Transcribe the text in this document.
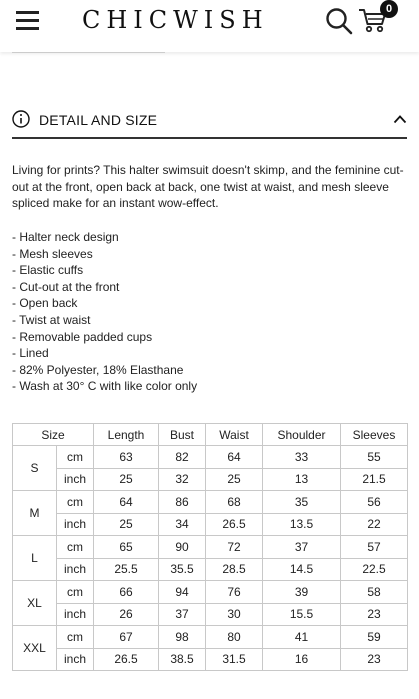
CHICWISH	0
DETAIL AND SIZE

Living for prints? This halter swimsuit doesn't skimp, and the feminine cut-out at the front, open back at back, one twist at waist, and mesh sleeve spliced make for an instant wow-effect.

- Halter neck design
- Mesh sleeves
- Elastic cuffs
- Cut-out at the front
- Open back
- Twist at waist
- Removable padded cups
- Lined
- 82% Polyester, 18% Elasthane
- Wash at 30° C with like color only
Size		Length	Bust	Waist	Shoulder	Sleeves
S	cm	63	82	64	33	55
	inch	25	32	25	13	21.5
M	cm	64	86	68	35	56
	inch	25	34	26.5	13.5	22
L	cm	65	90	72	37	57
	inch	25.5	35.5	28.5	14.5	22.5
XL	cm	66	94	76	39	58
	inch	26	37	30	15.5	23
XXL	cm	67	98	80	41	59
	inch	26.5	38.5	31.5	16	23
